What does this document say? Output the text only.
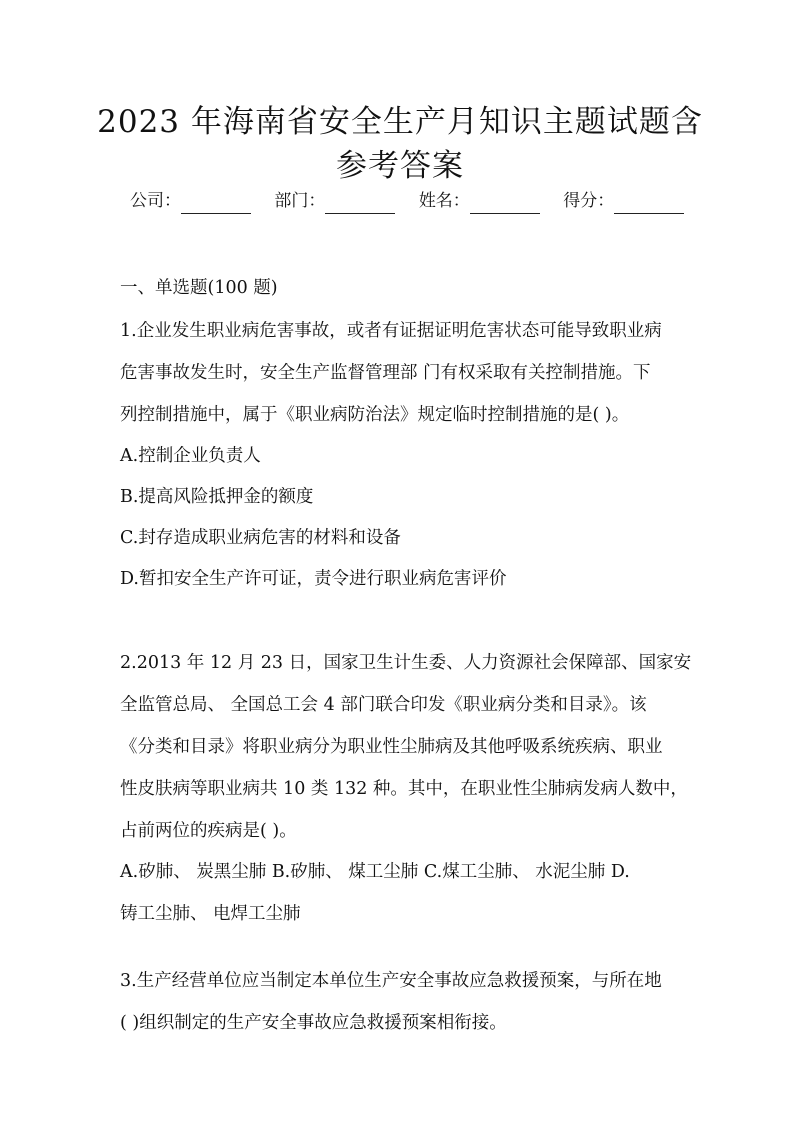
2023 年海南省安全生产月知识主题试题含
参考答案
公司：	部门：	姓名：	得分：
一、单选题(100 题)
1.企业发生职业病危害事故，或者有证据证明危害状态可能导致职业病
危害事故发生时，安全生产监督管理部 门有权采取有关控制措施。下
列控制措施中，属于《职业病防治法》规定临时控制措施的是( )。
A.控制企业负责人
B.提高风险抵押金的额度
C.封存造成职业病危害的材料和设备
D.暂扣安全生产许可证，责令进行职业病危害评价
2.2013 年 12 月 23 日，国家卫生计生委、人力资源社会保障部、国家安
全监管总局、 全国总工会 4 部门联合印发《职业病分类和目录》。该
《分类和目录》将职业病分为职业性尘肺病及其他呼吸系统疾病、职业
性皮肤病等职业病共 10 类 132 种。其中，在职业性尘肺病发病人数中，
占前两位的疾病是( )。
A.矽肺、 炭黑尘肺 B.矽肺、 煤工尘肺 C.煤工尘肺、 水泥尘肺 D.
铸工尘肺、 电焊工尘肺
3.生产经营单位应当制定本单位生产安全事故应急救援预案，与所在地
( )组织制定的生产安全事故应急救援预案相衔接。
